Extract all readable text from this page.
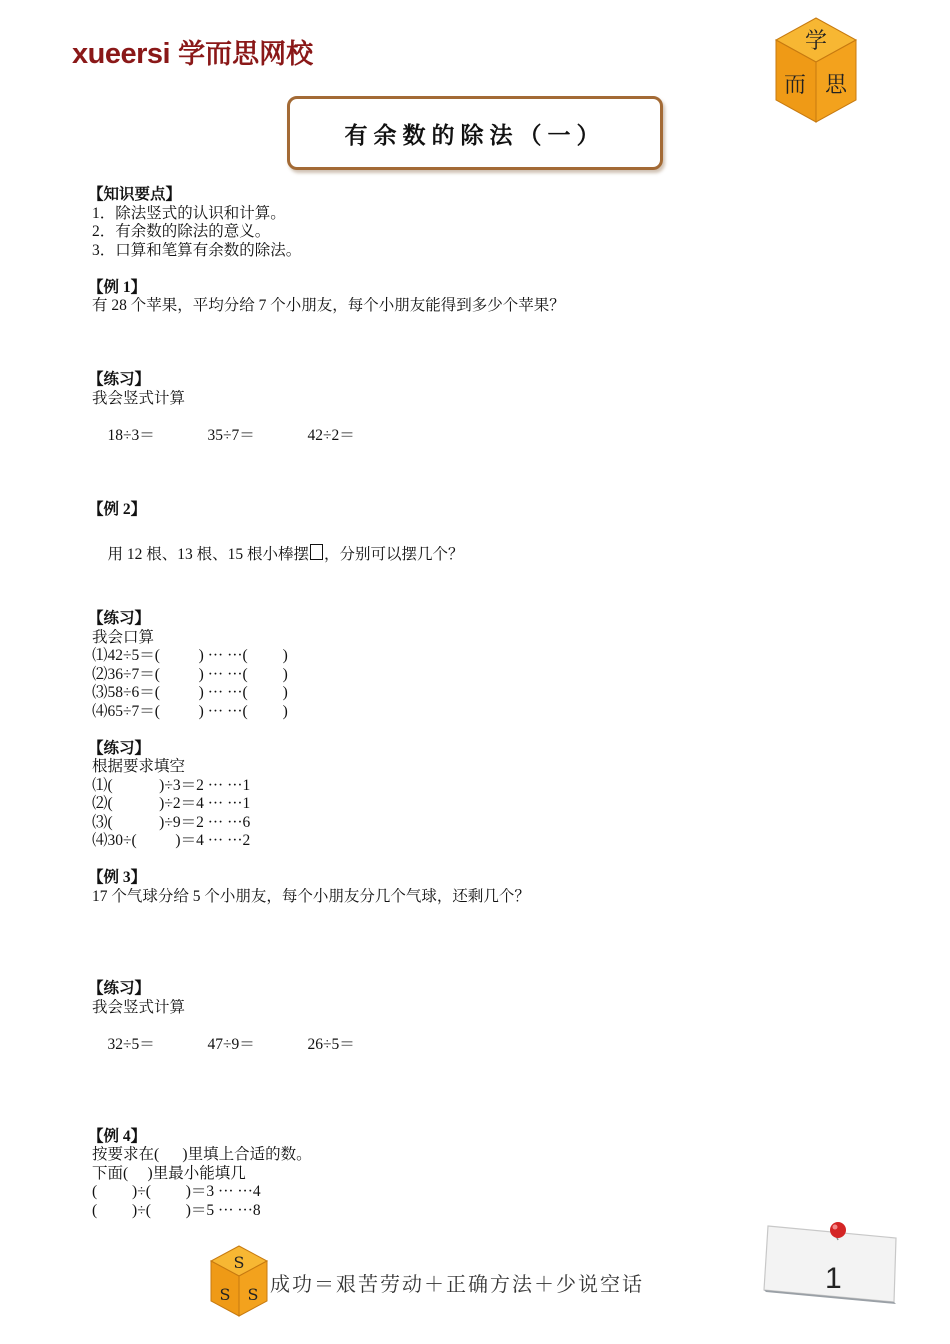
xueersi 学而思网校	学
而 思
有余数的除法（一）
【知识要点】
1．除法竖式的认识和计算。
2．有余数的除法的意义。
3．口算和笔算有余数的除法。
【例 1】
有 28 个苹果，平均分给 7 个小朋友，每个小朋友能得到多少个苹果？
【练习】
我会竖式计算

18÷3＝	35÷7＝	42÷2＝

【例 2】

用 12 根、13 根、15 根小棒摆 ，分别可以摆几个？

【练习】
我会口算
⑴42÷5＝(          ) ··· ···(         )
⑵36÷7＝(          ) ··· ···(         )
⑶58÷6＝(          ) ··· ···(         )
⑷65÷7＝(          ) ··· ···(         )
【练习】
根据要求填空
⑴(            )÷3＝2 ··· ···1
⑵(            )÷2＝4 ··· ···1
⑶(            )÷9＝2 ··· ···6
⑷30÷(          )＝4 ··· ···2
【例 3】
17 个气球分给 5 个小朋友，每个小朋友分几个气球，还剩几个？
【练习】
我会竖式计算

32÷5＝	47÷9＝	26÷5＝

【例 4】
按要求在(      )里填上合适的数。
下面(     )里最小能填几
(         )÷(         )＝3 ··· ···4
(         )÷(         )＝5 ··· ···8
S
S S 成功＝艰苦劳动＋正确方法＋少说空话	1
